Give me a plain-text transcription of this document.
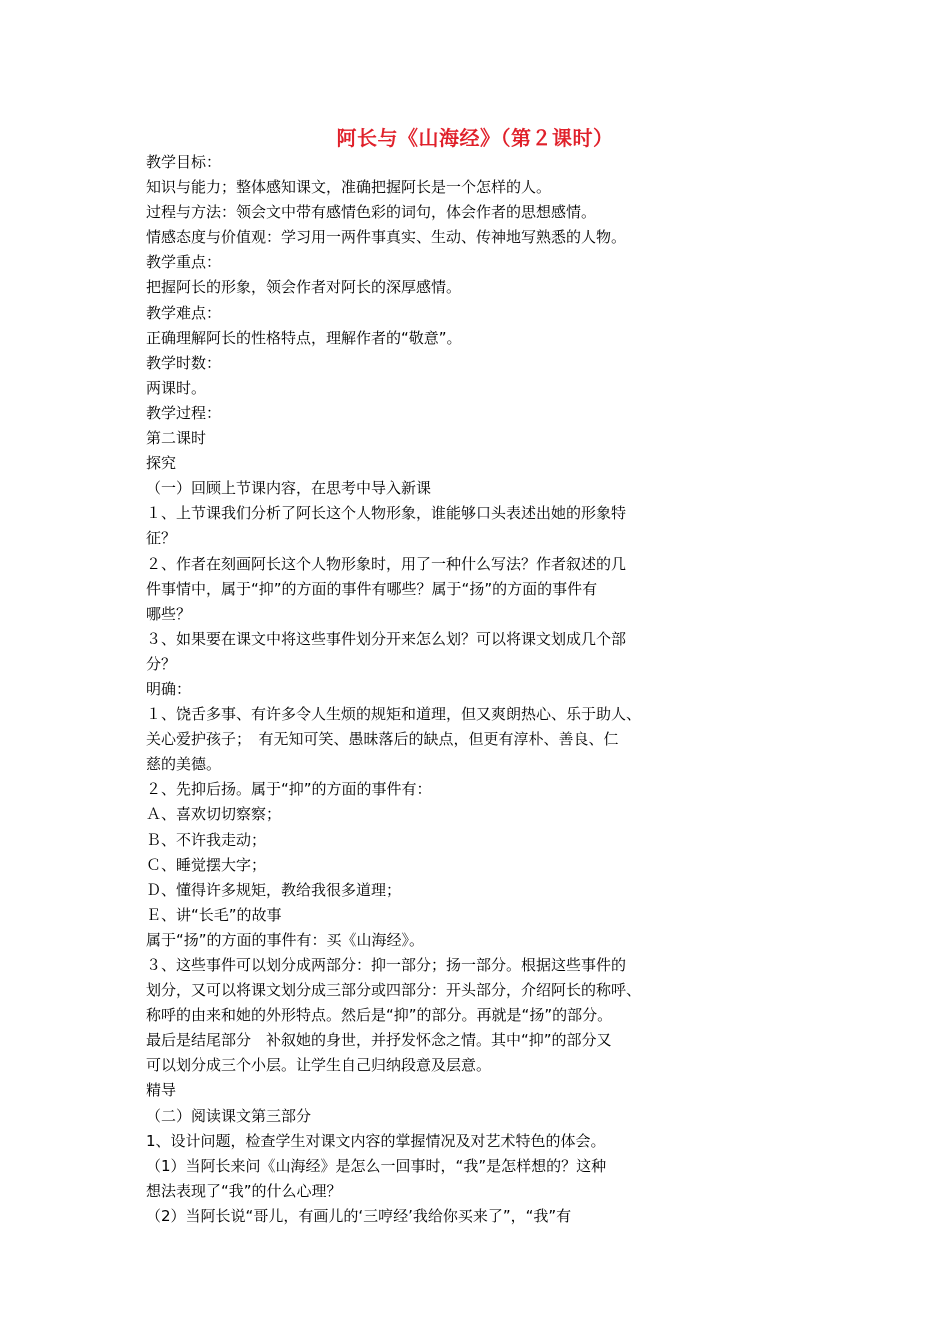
阿长与《山海经》（第２课时）
教学目标：
知识与能力；整体感知课文，准确把握阿长是一个怎样的人。
过程与方法：领会文中带有感情色彩的词句，体会作者的思想感情。
情感态度与价值观：学习用一两件事真实、生动、传神地写熟悉的人物。
教学重点：
把握阿长的形象，领会作者对阿长的深厚感情。
教学难点：
正确理解阿长的性格特点，理解作者的“敬意”。
教学时数：
两课时。
教学过程：
第二课时
探究
（一）回顾上节课内容，在思考中导入新课
１、上节课我们分析了阿长这个人物形象，谁能够口头表述出她的形象特
征？
２、作者在刻画阿长这个人物形象时，用了一种什么写法？作者叙述的几
件事情中，属于“抑”的方面的事件有哪些？属于“扬”的方面的事件有
哪些？
３、如果要在课文中将这些事件划分开来怎么划？可以将课文划成几个部
分？
明确：
１、饶舌多事、有许多令人生烦的规矩和道理，但又爽朗热心、乐于助人、
关心爱护孩子；　有无知可笑、愚昧落后的缺点，但更有淳朴、善良、仁
慈的美德。
２、先抑后扬。属于“抑”的方面的事件有：
Ａ、喜欢切切察察；
Ｂ、不许我走动；
Ｃ、睡觉摆大字；
Ｄ、懂得许多规矩，教给我很多道理；
Ｅ、讲“长毛”的故事
属于“扬”的方面的事件有：买《山海经》。
３、这些事件可以划分成两部分：抑一部分；扬一部分。根据这些事件的
划分，又可以将课文划分成三部分或四部分：开头部分，介绍阿长的称呼、
称呼的由来和她的外形特点。然后是“抑”的部分。再就是“扬”的部分。
最后是结尾部分　补叙她的身世，并抒发怀念之情。其中“抑”的部分又
可以划分成三个小层。让学生自己归纳段意及层意。
精导
（二）阅读课文第三部分
1、设计问题，检查学生对课文内容的掌握情况及对艺术特色的体会。
（1）当阿长来问《山海经》是怎么一回事时，“我”是怎样想的？这种
想法表现了“我”的什么心理？
（2）当阿长说“哥儿，有画儿的‘三哼经’我给你买来了”，“我”有
